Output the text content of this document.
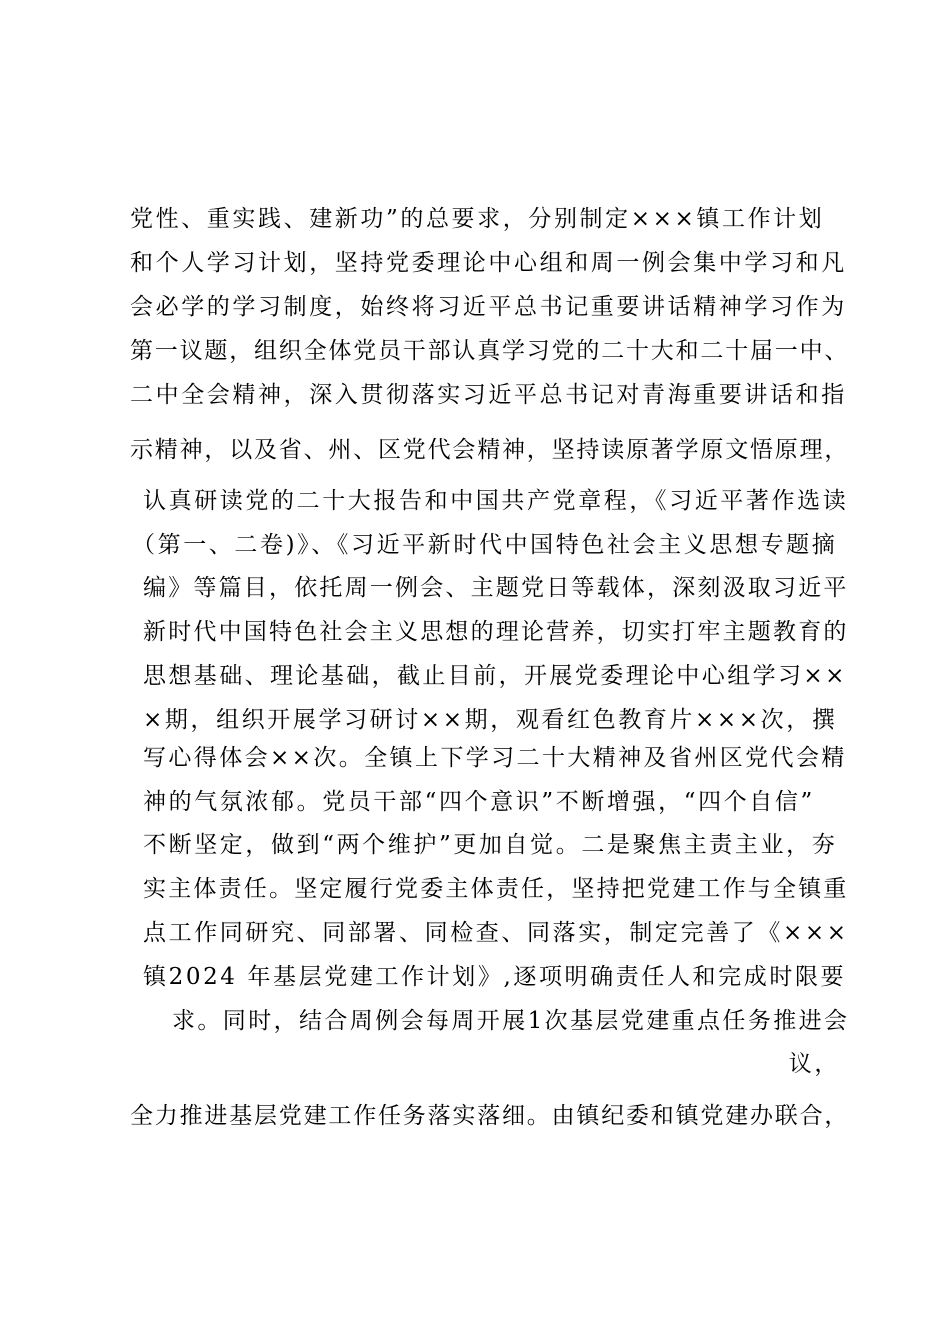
党性、重实践、建新功”的总要求，分别制定×××镇工作计划
和个人学习计划，坚持党委理论中心组和周一例会集中学习和凡
会必学的学习制度，始终将习近平总书记重要讲话精神学习作为
第一议题，组织全体党员干部认真学习党的二十大和二十届一中、
二中全会精神，深入贯彻落实习近平总书记对青海重要讲话和指
示精神，以及省、州、区党代会精神，坚持读原著学原文悟原理，
认真研读党的二十大报告和中国共产党章程，《习近平著作选读
（第一、二卷)》、《习近平新时代中国特色社会主义思想专题摘
编》等篇目，依托周一例会、主题党日等载体，深刻汲取习近平
新时代中国特色社会主义思想的理论营养，切实打牢主题教育的
思想基础、理论基础，截止目前，开展党委理论中心组学习××
×期，组织开展学习研讨××期，观看红色教育片×××次，撰
写心得体会××次。全镇上下学习二十大精神及省州区党代会精
神的气氛浓郁。党员干部“四个意识”不断增强，“四个自信”
不断坚定，做到“两个维护”更加自觉。二是聚焦主责主业，夯
实主体责任。坚定履行党委主体责任，坚持把党建工作与全镇重
点工作同研究、同部署、同检查、同落实，制定完善了《×××
镇2024 年基层党建工作计划》,逐项明确责任人和完成时限要
求。同时，结合周例会每周开展1次基层党建重点任务推进会
议，
全力推进基层党建工作任务落实落细。由镇纪委和镇党建办联合，
